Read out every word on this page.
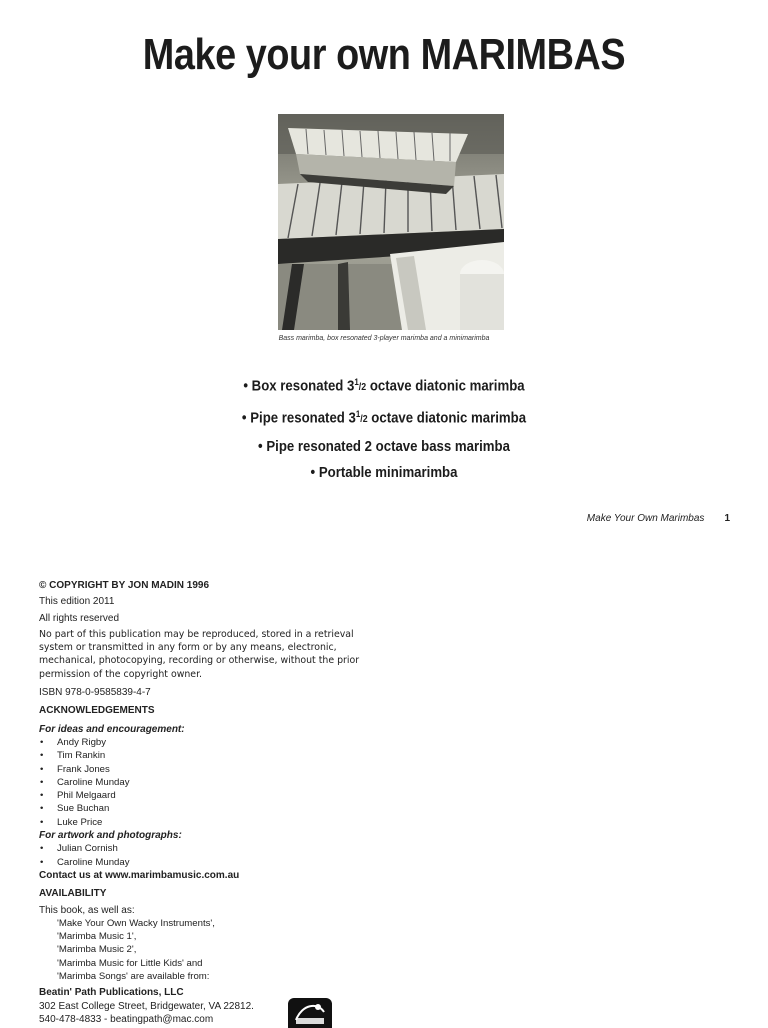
Make your own MARIMBAS
Bass marimba, box resonated 3-player marimba and a minimarimba
• Box resonated $3^1/2$ octave diatonic marimba
• Pipe resonated $3^1/2$ octave diatonic marimba
• Pipe resonated 2 octave bass marimba
• Portable minimarimba
Make Your Own Marimbas 1

© COPYRIGHT BY JON MADIN 1996

This edition 2011

All rights reserved

No part of this publication may be reproduced, stored in a retrieval system or transmitted in any form or by any means, electronic, mechanical, photocopying, recording or otherwise, without the prior permission of the copyright owner.

ISBN 978-0-9585839-4-7

ACKNOWLEDGEMENTS

For ideas and encouragement:

• Andy Rigby
• Tim Rankin
• Frank Jones
• Caroline Munday
• Phil Melgaard
• Sue Buchan
• Luke Price

For artwork and photographs:

• Julian Cornish
• Caroline Munday

Contact us at www.marimbamusic.com.au

AVAILABILITY

This book, as well as:

'Make Your Own Wacky Instruments',

'Marimba Music 1',

'Marimba Music 2',

'Marimba Music for Little Kids' and

'Marimba Songs' are available from:

Beatin' Path Publications, LLC

302 East College Street, Bridgewater, VA 22812.

540-478-4833 - beatingpath@mac.com
